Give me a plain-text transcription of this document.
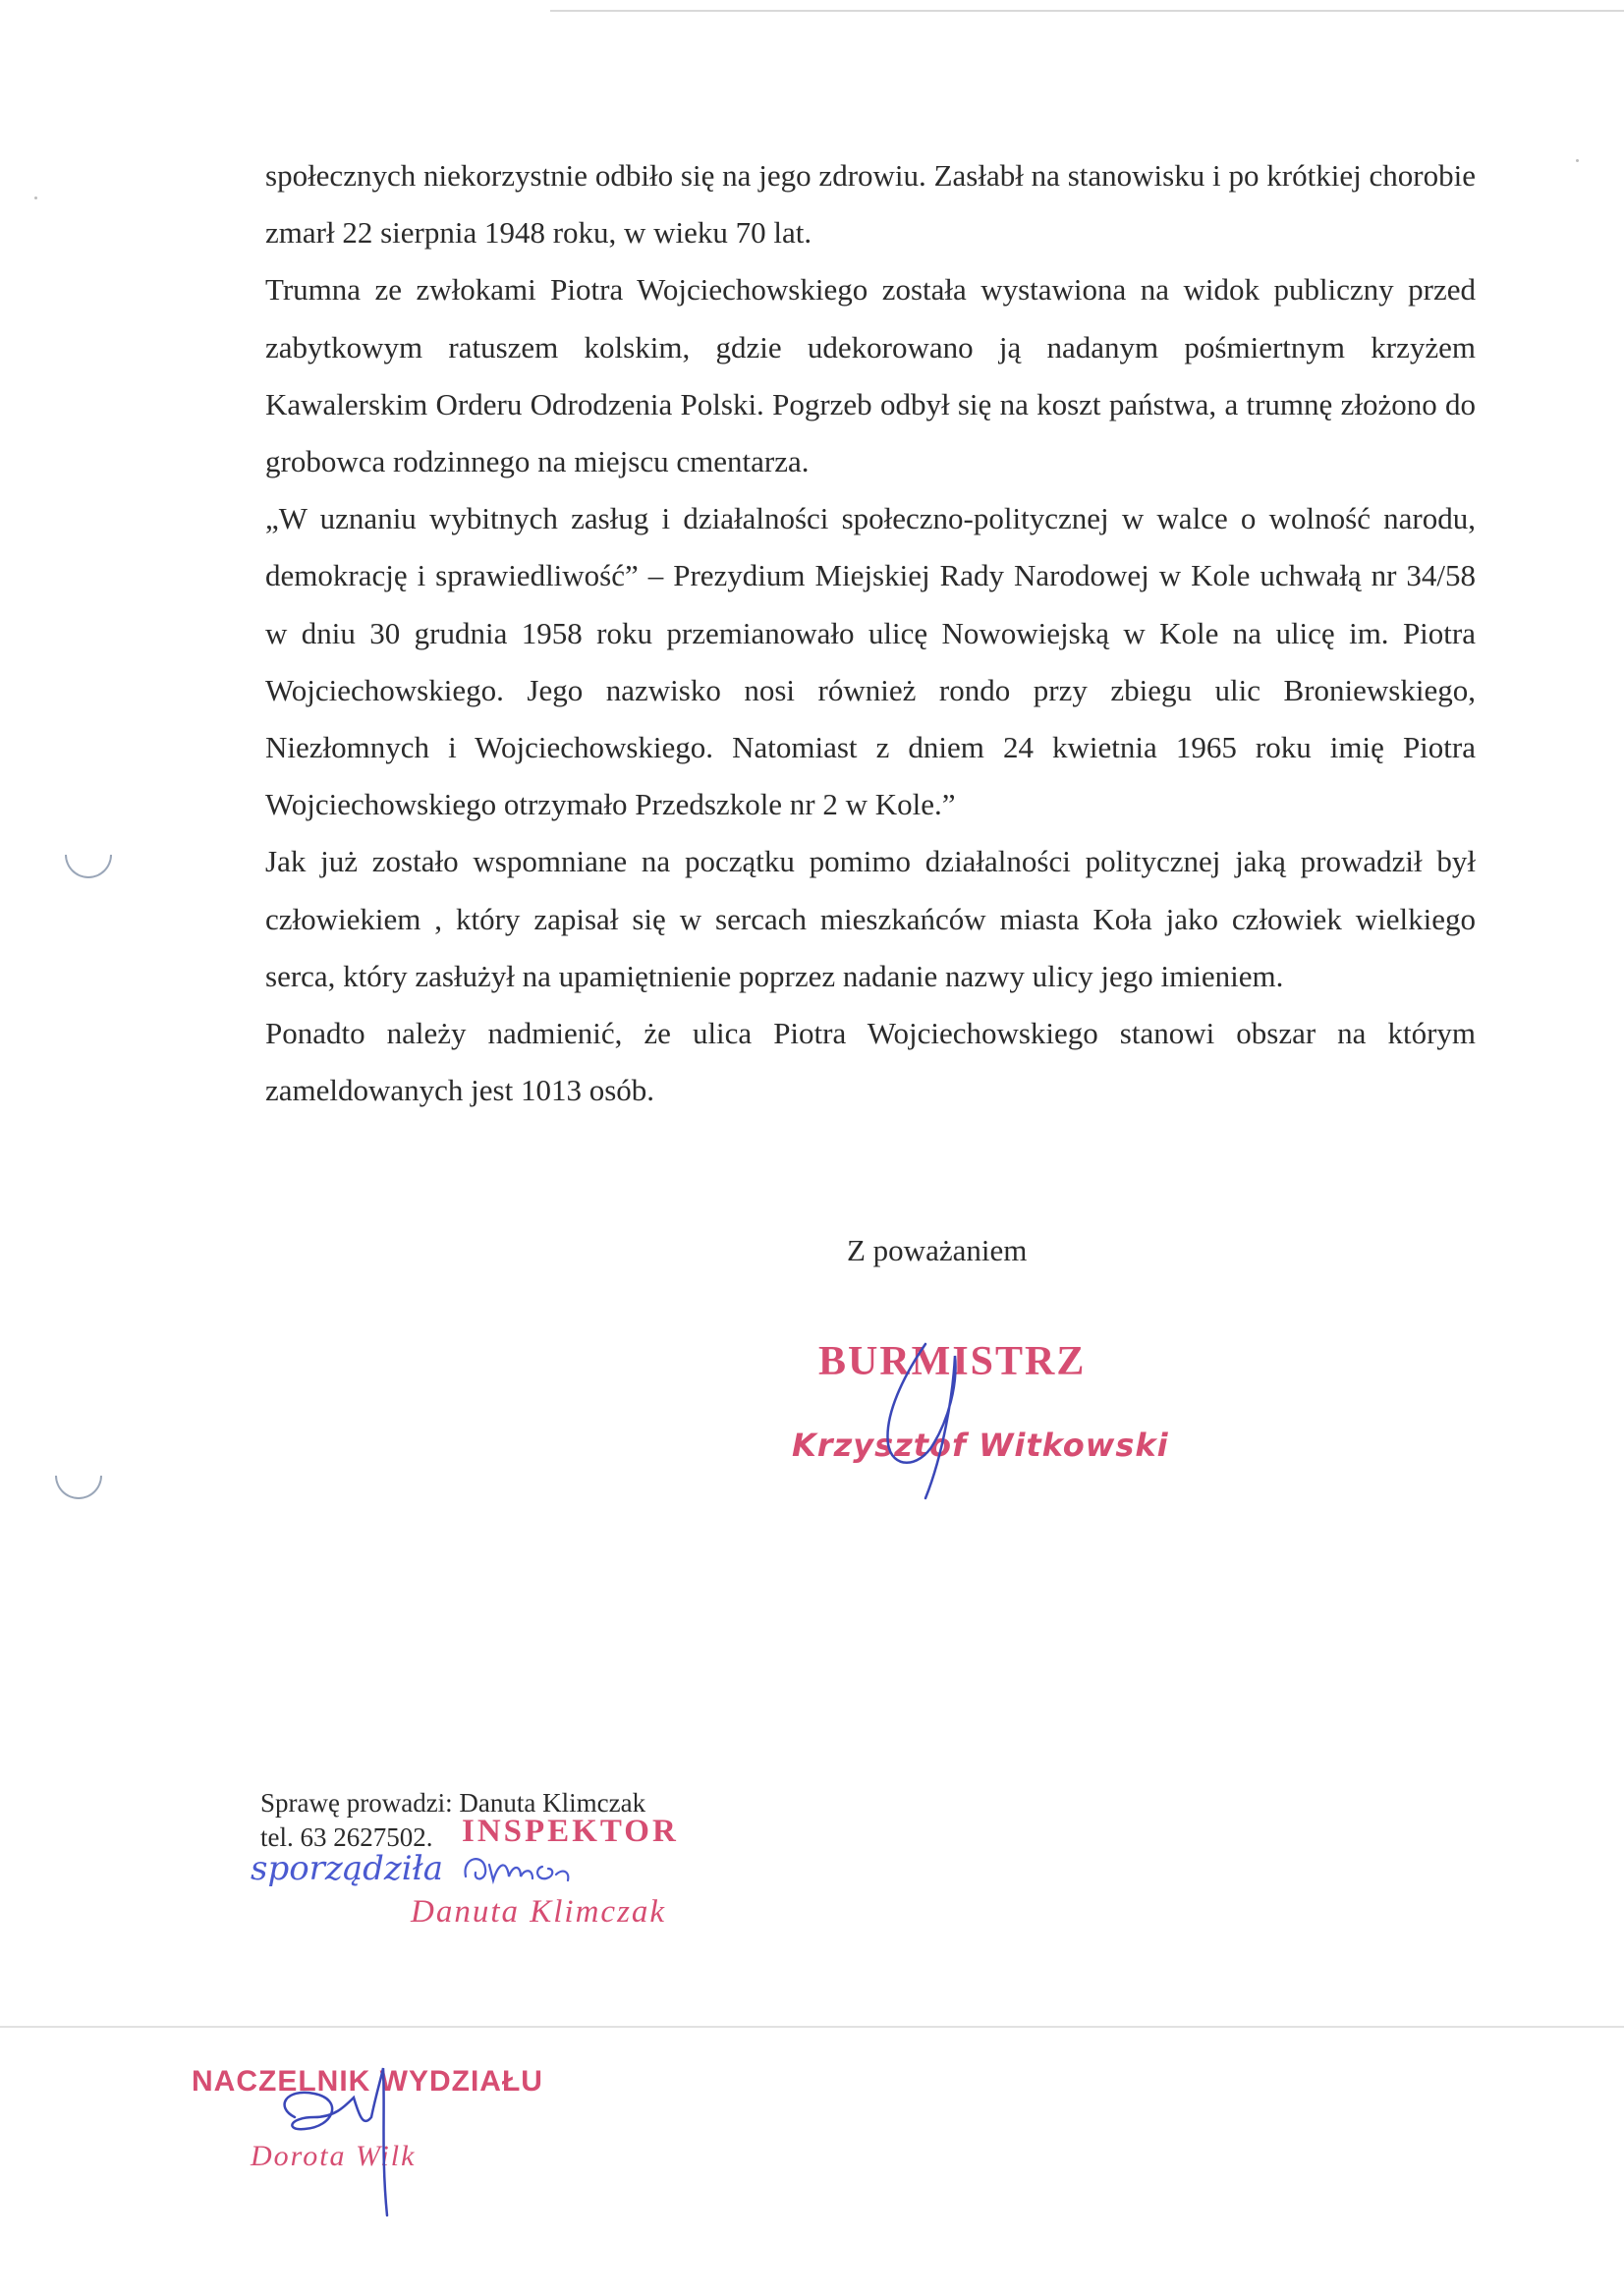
społecznych niekorzystnie odbiło się na jego zdrowiu. Zasłabł na stanowisku i po krótkiej chorobie zmarł 22 sierpnia 1948 roku, w wieku 70 lat.

Trumna ze zwłokami Piotra Wojciechowskiego została wystawiona na widok publiczny przed zabytkowym ratuszem kolskim, gdzie udekorowano ją nadanym pośmiertnym krzyżem Kawalerskim Orderu Odrodzenia Polski. Pogrzeb odbył się na koszt państwa, a trumnę złożono do grobowca rodzinnego na miejscu cmentarza.

„W uznaniu wybitnych zasług i działalności społeczno-politycznej w walce o wolność narodu, demokrację i sprawiedliwość” – Prezydium Miejskiej Rady Narodowej w Kole uchwałą nr 34/58 w dniu 30 grudnia 1958 roku przemianowało ulicę Nowowiejską w Kole na ulicę im. Piotra Wojciechowskiego. Jego nazwisko nosi również rondo przy zbiegu ulic Broniewskiego, Niezłomnych i Wojciechowskiego. Natomiast z dniem 24 kwietnia 1965 roku imię Piotra Wojciechowskiego otrzymało Przedszkole nr 2 w Kole.”

Jak już zostało wspomniane na początku pomimo działalności politycznej jaką prowadził był człowiekiem , który zapisał się w sercach mieszkańców miasta Koła jako człowiek wielkiego serca, który zasłużył na upamiętnienie poprzez nadanie nazwy ulicy jego imieniem.

Ponadto należy nadmienić, że ulica Piotra Wojciechowskiego stanowi obszar na którym zameldowanych jest 1013 osób.

Z poważaniem
BURMISTRZ
Krzysztof Witkowski
Sprawę prowadzi: Danuta Klimczak
tel. 63 2627502. INSPEKTOR
sporządziła
Danuta Klimczak
NACZELNIK WYDZIAŁU
Dorota Wilk
